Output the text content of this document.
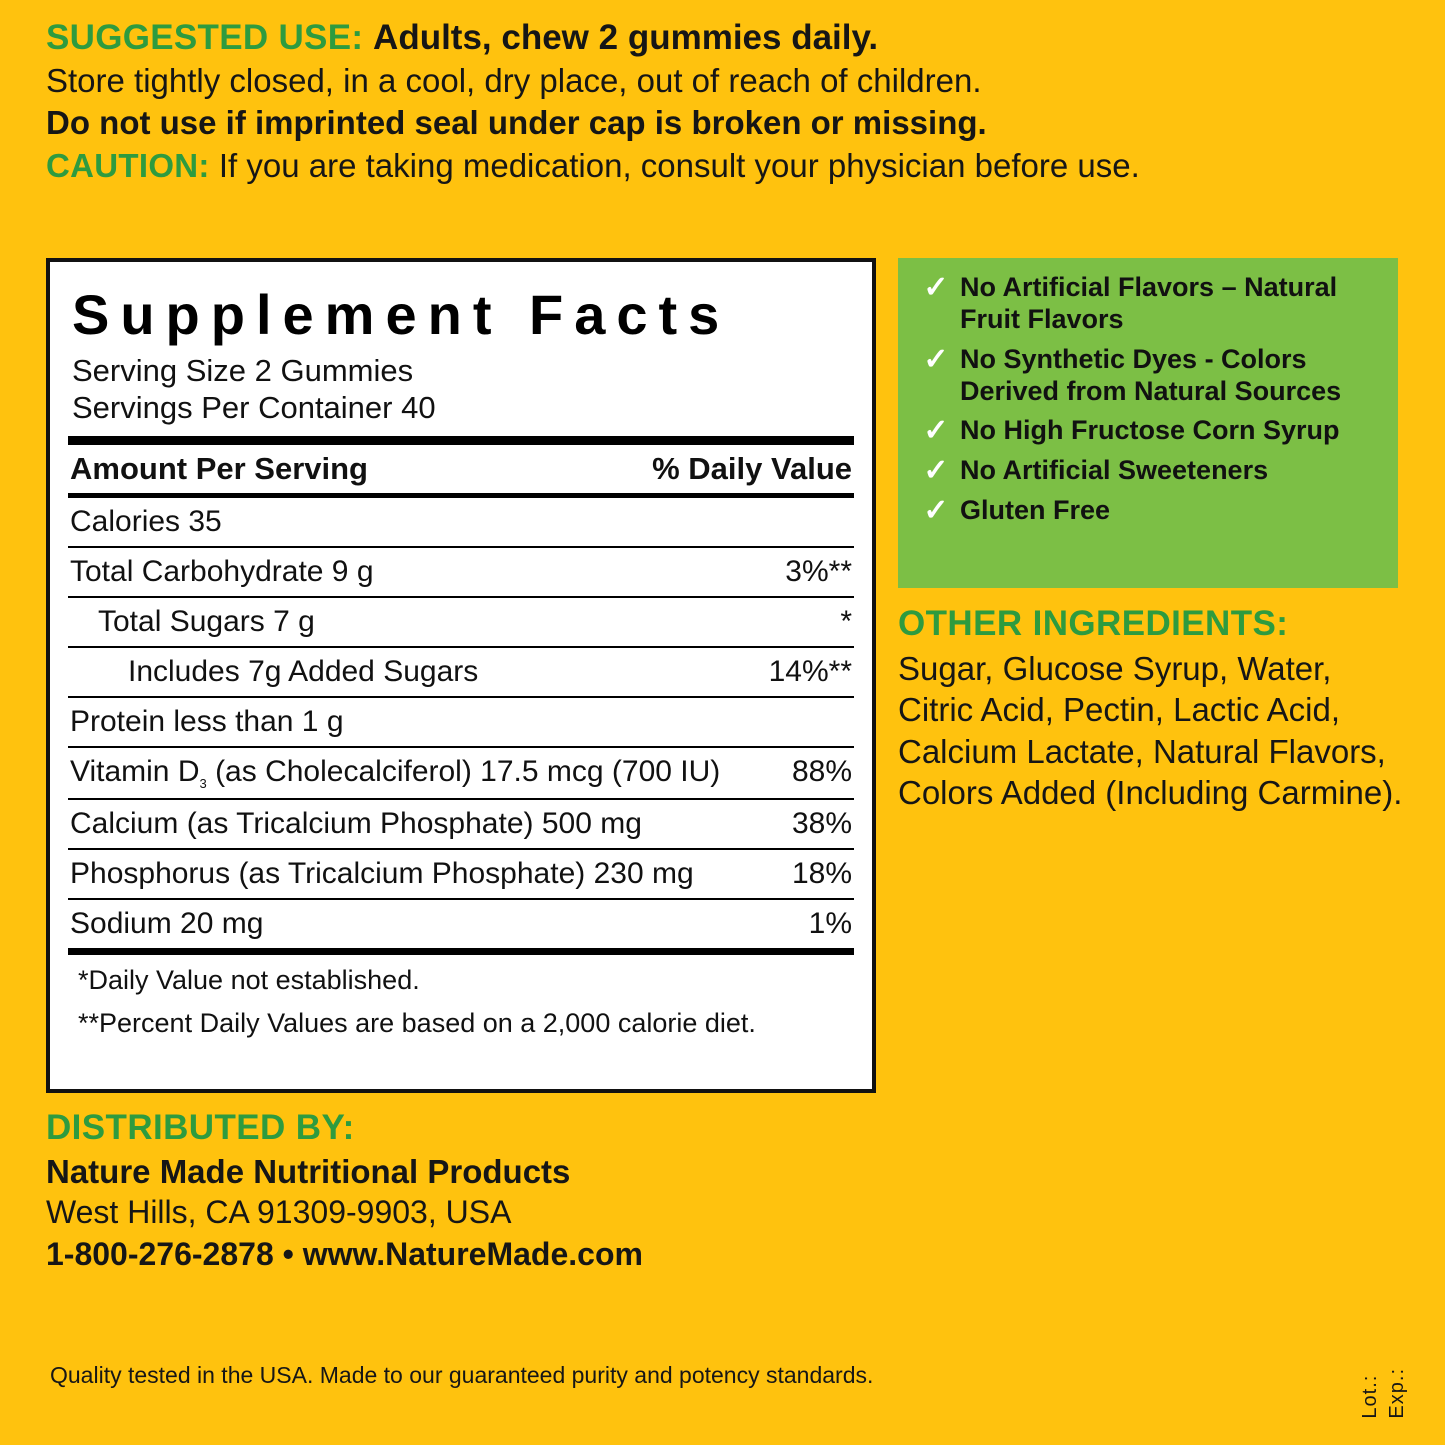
SUGGESTED USE: Adults, chew 2 gummies daily.
Store tightly closed, in a cool, dry place, out of reach of children.
Do not use if imprinted seal under cap is broken or missing.
CAUTION: If you are taking medication, consult your physician before use.
Supplement Facts
Serving Size 2 Gummies
Servings Per Container 40
Amount Per Serving	% Daily Value
Calories 35
Total Carbohydrate 9 g	3%**
Total Sugars 7 g	*
Includes 7g Added Sugars	14%**
Protein less than 1 g
Vitamin $D_3$ (as Cholecalciferol) 17.5 mcg (700 IU) 88%
Calcium (as Tricalcium Phosphate) 500 mg	38%
Phosphorus (as Tricalcium Phosphate) 230 mg	18%
Sodium 20 mg	1%
*Daily Value not established.
**Percent Daily Values are based on a 2,000 calorie diet.
✓ No Artificial Flavors – Natural Fruit Flavors
✓ No Synthetic Dyes - Colors Derived from Natural Sources
✓ No High Fructose Corn Syrup
✓ No Artificial Sweeteners
✓ Gluten Free
OTHER INGREDIENTS:
Sugar, Glucose Syrup, Water, Citric Acid, Pectin, Lactic Acid, Calcium Lactate, Natural Flavors, Colors Added (Including Carmine).
DISTRIBUTED BY:
Nature Made Nutritional Products
West Hills, CA 91309-9903, USA
1-800-276-2878 • www.NatureMade.com
Quality tested in the USA. Made to our guaranteed purity and potency standards.
Lot.: Exp.:
